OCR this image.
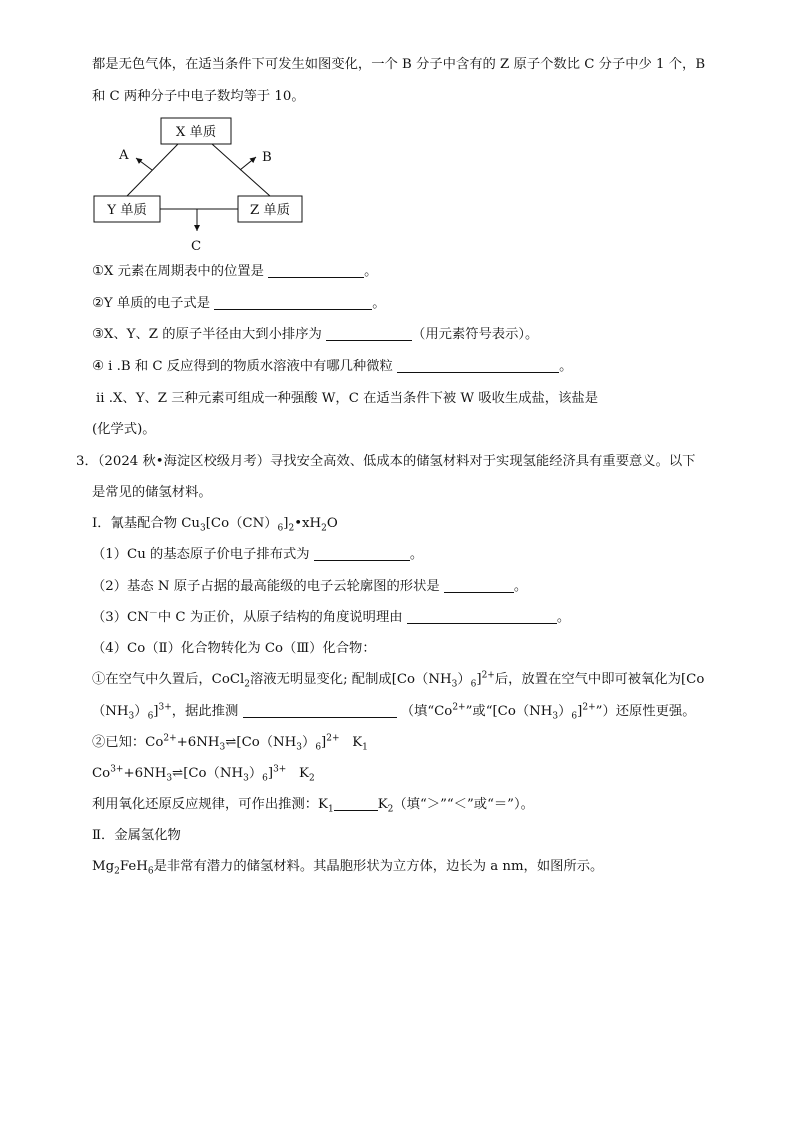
都是无色气体，在适当条件下可发生如图变化，一个 B 分子中含有的 Z 原子个数比 C 分子中少 1 个，B
和 C 两种分子中电子数均等于 10。
X 单质
Y 单质	Z 单质
A	B
C
①X 元素在周期表中的位置是	。
②Y 单质的电子式是	。
③X、Y、Z 的原子半径由大到小排序为	（用元素符号表示）。
④ i .B 和 C 反应得到的物质水溶液中有哪几种微粒	。
ii .X、Y、Z 三种元素可组成一种强酸 W，C 在适当条件下被 W 吸收生成盐，该盐是
(化学式)。
3．（2024 秋•海淀区校级月考）寻找安全高效、低成本的储氢材料对于实现氢能经济具有重要意义。以下
是常见的储氢材料。
Ⅰ．氰基配合物 $Cu_3[Co(CN)_6]_2•xH_2O$
（1）Cu 的基态原子价电子排布式为	。
（2）基态 N 原子占据的最高能级的电子云轮廓图的形状是	。
（3）CN－中 C 为正价，从原子结构的角度说明理由	。
（4）Co（Ⅱ）化合物转化为 Co（Ⅲ）化合物：
①在空气中久置后，CoCl$_2$溶液无明显变化; 配制成$[Co(NH_3)_6]^{2+}$后，放置在空气中即可被氧化为[Co
$(NH_3)_6]^{3+}$，据此推测	（填“$Co^{2+}$”或“$[Co(NH_3)_6]^{2+}$”）还原性更强。
②已知：$Co^{2+}+6NH_3\rightleftharpoons[Co(NH_3)_6]^{2+}$ $K_1$
$Co^{3+}+6NH_3\rightleftharpoons[Co(NH_3)_6]^{3+}$ $K_2$
利用氧化还原反应规律，可作出推测：$K_1$	$K_2$（填“＞”“＜”或“＝”）。
Ⅱ．金属氢化物
$Mg_2FeH_6$是非常有潜力的储氢材料。其晶胞形状为立方体，边长为 a nm，如图所示。
